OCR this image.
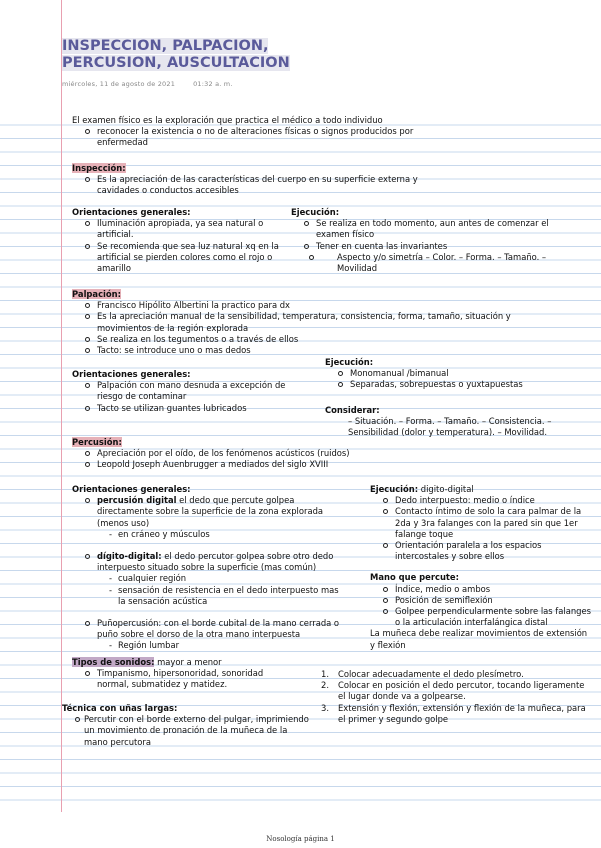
INSPECCION, PALPACION, PERCUSION, AUSCULTACION
miércoles, 11 de agosto de 2021	01:32 a. m.
El examen físico es la exploración que practica el médico a todo individuo
reconocer la existencia o no de alteraciones físicas o signos producidos por enfermedad
Inspección:
Es la apreciación de las características del cuerpo en su superficie externa y cavidades o conductos accesibles
Orientaciones generales:
Iluminación apropiada, ya sea natural o artificial.
Se recomienda que sea luz natural xq en la artificial se pierden colores como el rojo o amarillo
Ejecución:
Se realiza en todo momento, aun antes de comenzar el examen físico
Tener en cuenta las invariantes
Aspecto y/o simetría – Color. – Forma. – Tamaño. – Movilidad
Palpación:
Francisco Hipólito Albertini la practico para dx
Es la apreciación manual de la sensibilidad, temperatura, consistencia, forma, tamaño, situación y movimientos de la región explorada
Se realiza en los tegumentos o a través de ellos
Tacto: se introduce uno o mas dedos
Orientaciones generales:
Palpación con mano desnuda a excepción de riesgo de contaminar
Tacto se utilizan guantes lubricados
Ejecución:
Monomanual /bimanual
Separadas, sobrepuestas o yuxtapuestas
Considerar:
– Situación. – Forma. – Tamaño. – Consistencia. – Sensibilidad (dolor y temperatura). – Movilidad.
Percusión:
Apreciación por el oído, de los fenómenos acústicos (ruidos)
Leopold Joseph Auenbrugger a mediados del siglo XVIII
Orientaciones generales:
percusión digital el dedo que percute golpea directamente sobre la superficie de la zona explorada (menos uso)
- en cráneo y músculos
dígito-digital: el dedo percutor golpea sobre otro dedo interpuesto situado sobre la superficie (mas común)
- cualquier región
- sensación de resistencia en el dedo interpuesto mas la sensación acústica
Puñopercusión: con el borde cubital de la mano cerrada o puño sobre el dorso de la otra mano interpuesta
- Región lumbar
Ejecución: digito-digital
Dedo interpuesto: medio o índice
Contacto íntimo de solo la cara palmar de la 2da y 3ra falanges con la pared sin que 1er falange toque
Orientación paralela a los espacios intercostales y sobre ellos
Mano que percute:
Índice, medio o ambos
Posición de semiflexión
Golpee perpendicularmente sobre las falanges o la articulación interfalángica distal
La muñeca debe realizar movimientos de extensión y flexión
Tipos de sonidos: mayor a menor
Timpanismo, hipersonoridad, sonoridad normal, submatidez y matidez.
1. Colocar adecuadamente el dedo plesímetro.
2. Colocar en posición el dedo percutor, tocando ligeramente el lugar donde va a golpearse.
3. Extensión y flexión, extensión y flexión de la muñeca, para el primer y segundo golpe
Técnica con uñas largas:
Percutir con el borde externo del pulgar, imprimiendo un movimiento de pronación de la muñeca de la mano percutora
Nosología página 1
